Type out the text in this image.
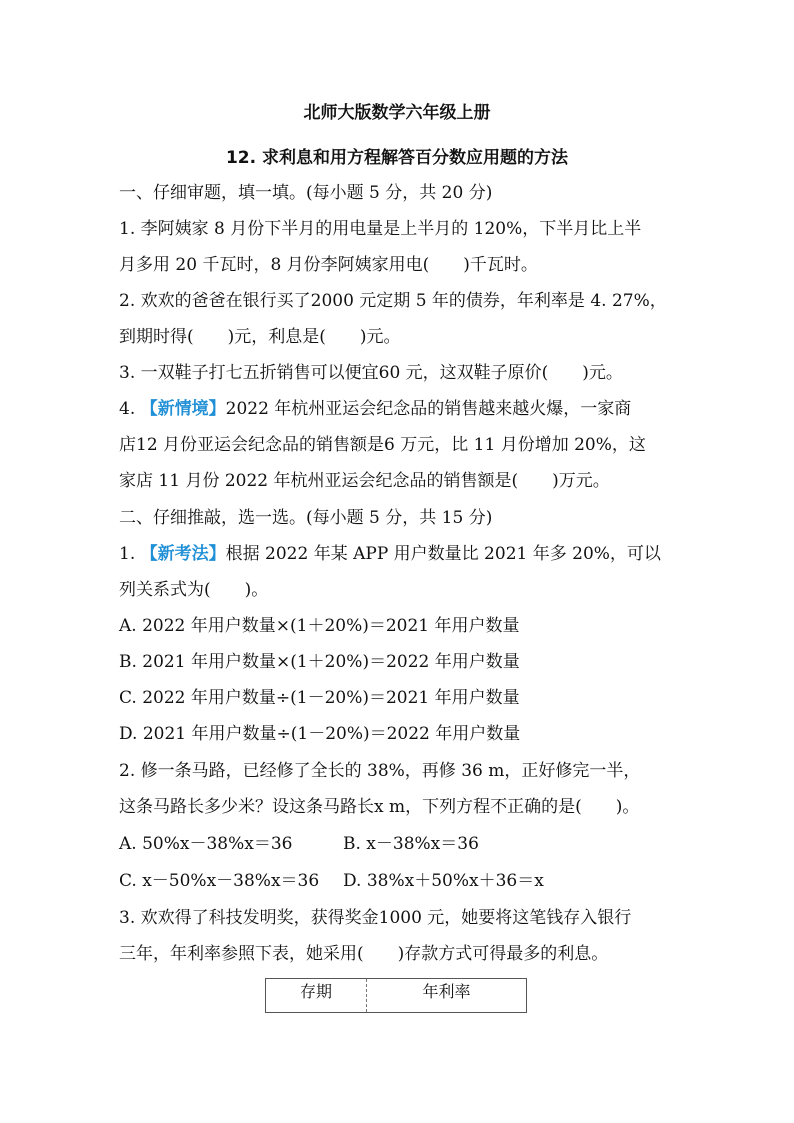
北师大版数学六年级上册
12. 求利息和用方程解答百分数应用题的方法
一、仔细审题，填一填。(每小题 5 分，共 20 分)
1. 李阿姨家 8 月份下半月的用电量是上半月的 120%，下半月比上半
月多用 20 千瓦时，8 月份李阿姨家用电(　　)千瓦时。
2. 欢欢的爸爸在银行买了2000 元定期 5 年的债券，年利率是 4. 27%，
到期时得(　　)元，利息是(　　)元。
3. 一双鞋子打七五折销售可以便宜60 元，这双鞋子原价(　　)元。
4. 【新情境】2022 年杭州亚运会纪念品的销售越来越火爆，一家商
店12 月份亚运会纪念品的销售额是6 万元，比 11 月份增加 20%，这
家店 11 月份 2022 年杭州亚运会纪念品的销售额是(　　)万元。
二、仔细推敲，选一选。(每小题 5 分，共 15 分)
1. 【新考法】根据 2022 年某 APP 用户数量比 2021 年多 20%，可以
列关系式为(　　)。
A. 2022 年用户数量×(1＋20%)＝2021 年用户数量
B. 2021 年用户数量×(1＋20%)＝2022 年用户数量
C. 2022 年用户数量÷(1－20%)＝2021 年用户数量
D. 2021 年用户数量÷(1－20%)＝2022 年用户数量
2. 修一条马路，已经修了全长的 38%，再修 36 m，正好修完一半，
这条马路长多少米？设这条马路长x m，下列方程不正确的是(　　)。
A. 50%x－38%x＝36	B. x－38%x＝36
C. x－50%x－38%x＝36 D. 38%x＋50%x＋36＝x
3. 欢欢得了科技发明奖，获得奖金1000 元，她要将这笔钱存入银行
三年，年利率参照下表，她采用(　　)存款方式可得最多的利息。
存期	年利率
